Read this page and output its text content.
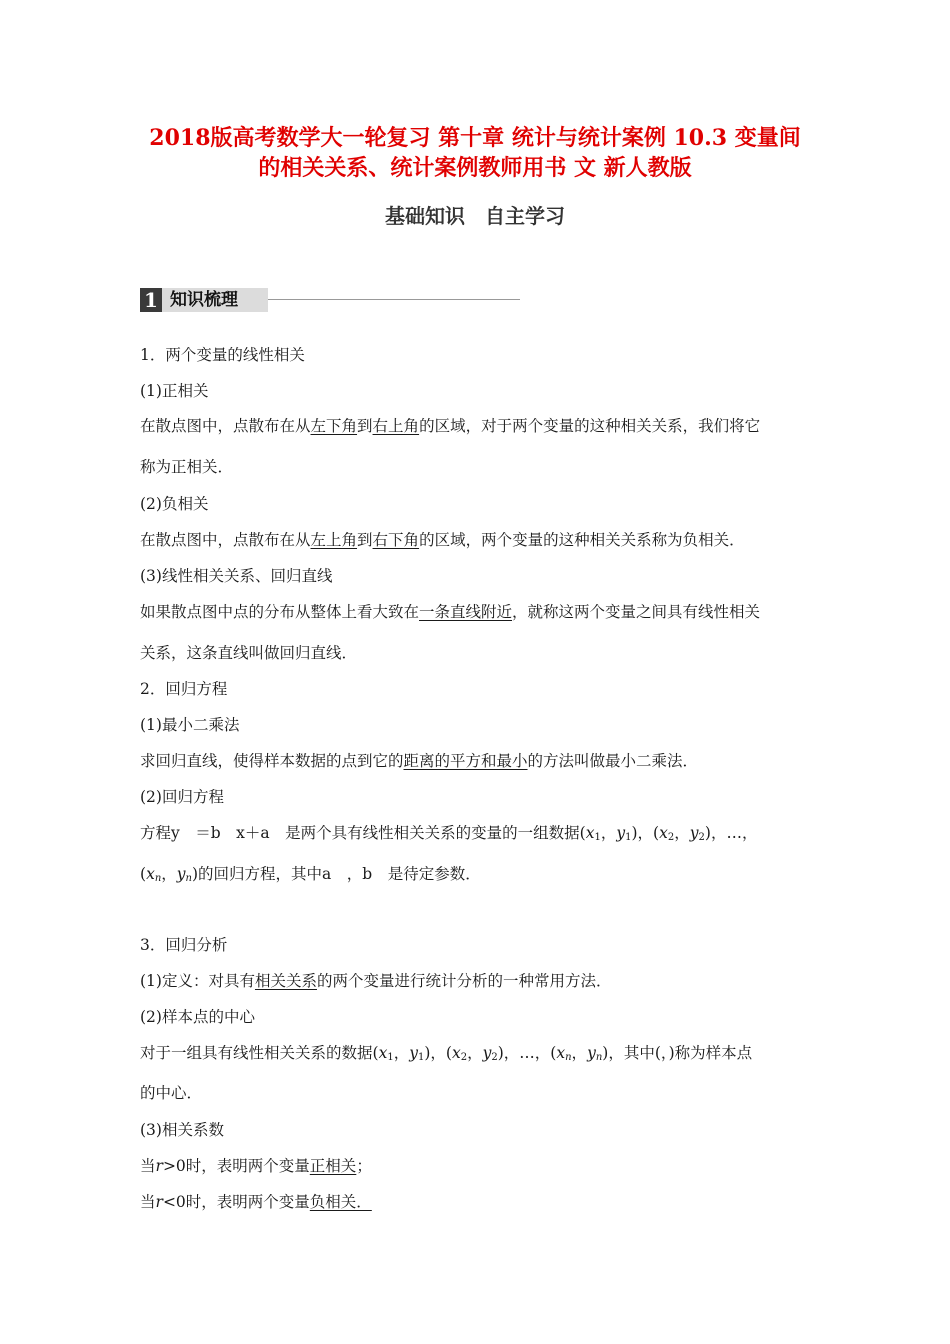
2018版高考数学大一轮复习 第十章 统计与统计案例 10.3 变量间
的相关关系、统计案例教师用书 文 新人教版
基础知识　自主学习
1 知识梳理
1．两个变量的线性相关
(1)正相关
在散点图中，点散布在从左下角到右上角的区域，对于两个变量的这种相关关系，我们将它
称为正相关．
(2)负相关
在散点图中，点散布在从左上角到右下角的区域，两个变量的这种相关关系称为负相关．
(3)线性相关关系、回归直线
如果散点图中点的分布从整体上看大致在一条直线附近，就称这两个变量之间具有线性相关
关系，这条直线叫做回归直线．
2．回归方程
(1)最小二乘法
求回归直线，使得样本数据的点到它的距离的平方和最小的方法叫做最小二乘法．
(2)回归方程
方程y　＝b　x＋a　是两个具有线性相关关系的变量的一组数据($x_1$，$y_1$)，($x_2$，$y_2$)，…，
($x_n$，$y_n$)的回归方程，其中a　，b　是待定参数．
3．回归分析
(1)定义：对具有相关关系的两个变量进行统计分析的一种常用方法．
(2)样本点的中心
对于一组具有线性相关关系的数据($x_1$，$y_1$)，($x_2$，$y_2$)，…，($x_n$，$y_n$)，其中(，)称为样本点
的中心．
(3)相关系数
当r>0时，表明两个变量正相关；
当r<0时，表明两个变量负相关．
